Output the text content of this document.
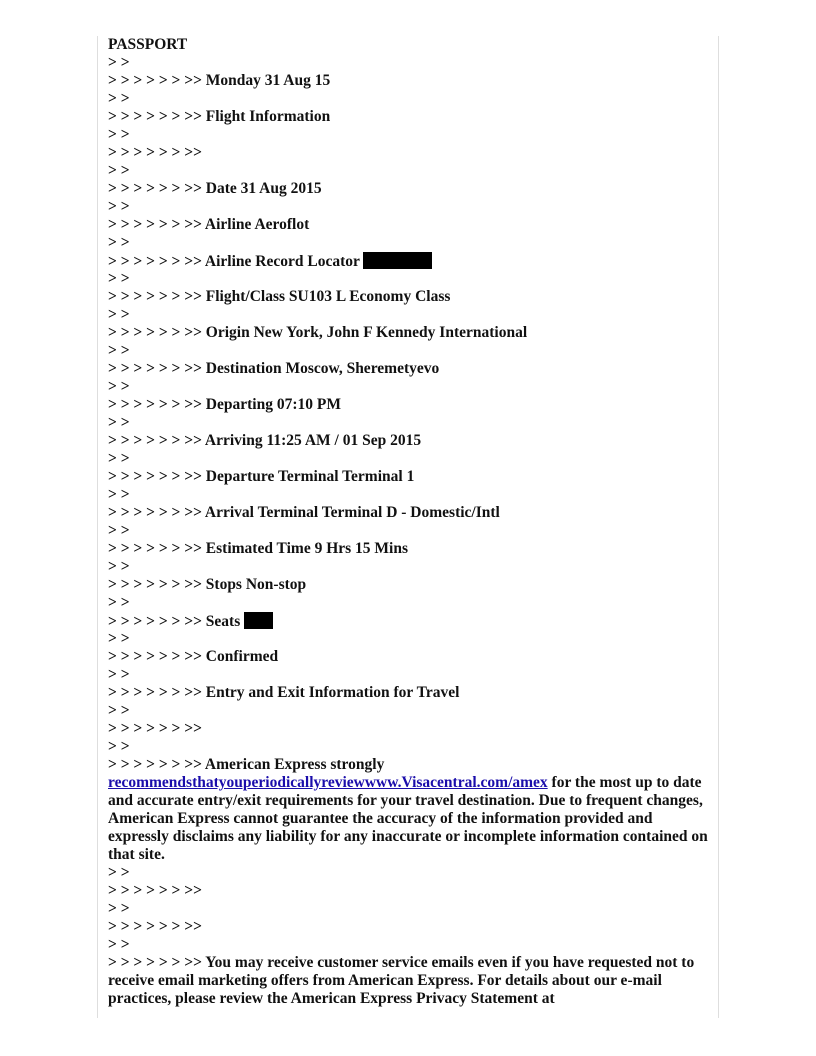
PASSPORT
> >
> > > > > > >> Monday 31 Aug 15
> >
> > > > > > >> Flight Information
> >
> > > > > > >>
> >
> > > > > > >> Date 31 Aug 2015
> >
> > > > > > >> Airline Aeroflot
> >
> > > > > > >> Airline Record Locator
> >
> > > > > > >> Flight/Class SU103 L Economy Class
> >
> > > > > > >> Origin New York, John F Kennedy International
> >
> > > > > > >> Destination Moscow, Sheremetyevo
> >
> > > > > > >> Departing 07:10 PM
> >
> > > > > > >> Arriving 11:25 AM / 01 Sep 2015
> >
> > > > > > >> Departure Terminal Terminal 1
> >
> > > > > > >> Arrival Terminal Terminal D - Domestic/Intl
> >
> > > > > > >> Estimated Time 9 Hrs 15 Mins
> >
> > > > > > >> Stops Non-stop
> >
> > > > > > >> Seats
> >
> > > > > > >> Confirmed
> >
> > > > > > >> Entry and Exit Information for Travel
> >
> > > > > > >>
> >
> > > > > > >> American Express strongly
recommendsthatyouperiodicallyreviewwww.Visacentral.com/amex for the most up to date and accurate entry/exit requirements for your travel destination. Due to frequent changes, American Express cannot guarantee the accuracy of the information provided and expressly disclaims any liability for any inaccurate or incomplete information contained on that site.
> >
> > > > > > >>
> >
> > > > > > >>
> >
> > > > > > >> You may receive customer service emails even if you have requested not to receive email marketing offers from American Express. For details about our e-mail practices, please review the American Express Privacy Statement at
